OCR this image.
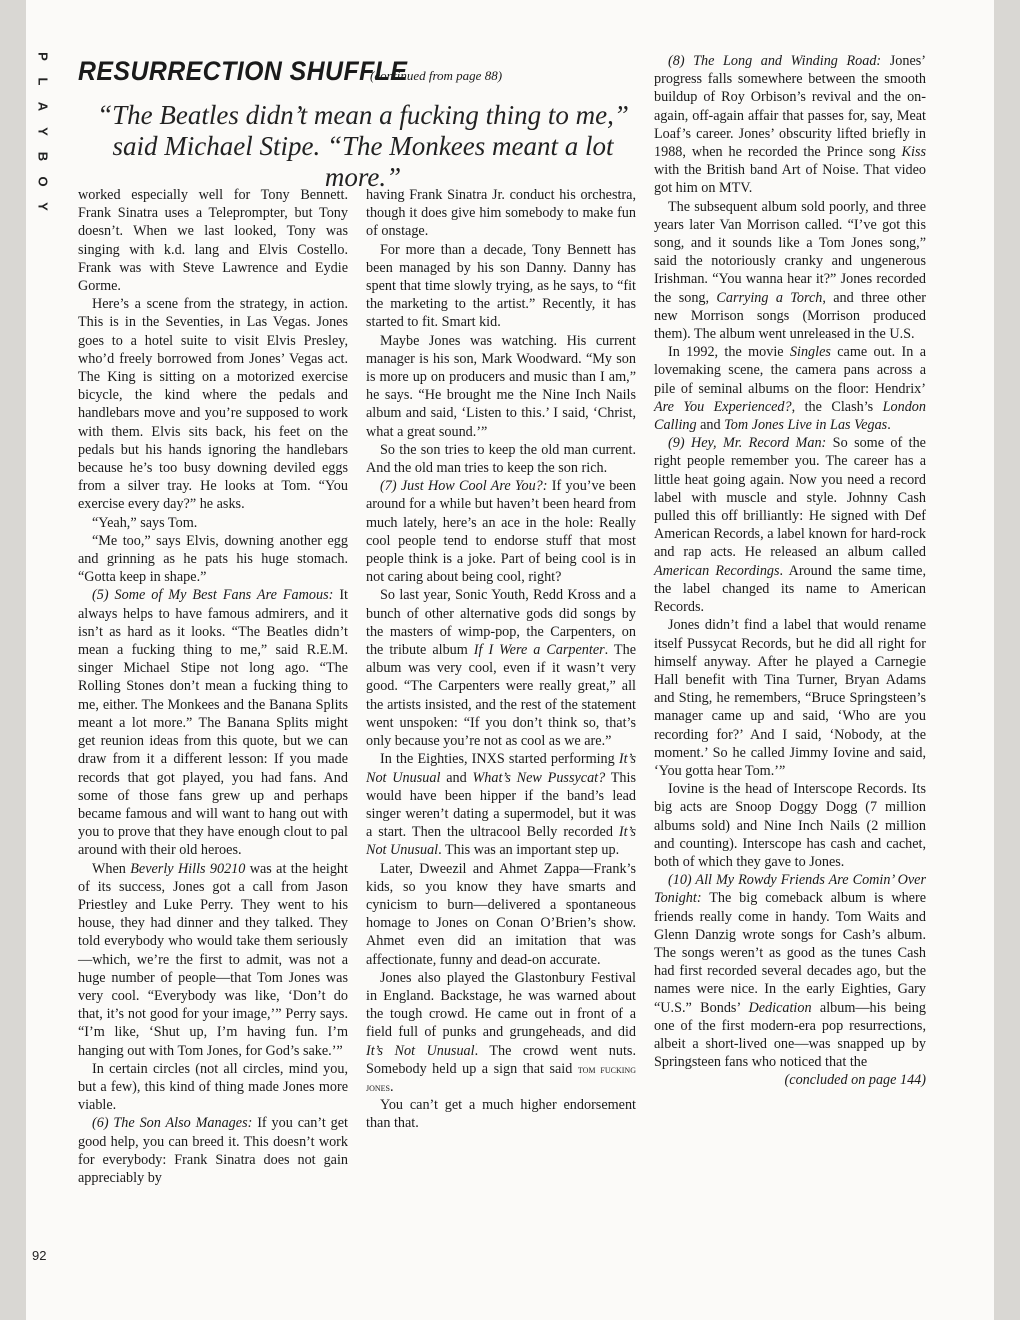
P
L
A
Y
B
O
Y
RESURRECTION SHUFFLE
(continued from page 88)
“The Beatles didn’t mean a fucking thing to me,” said Michael Stipe. “The Monkees meant a lot more.”

worked especially well for Tony Bennett. Frank Sinatra uses a Teleprompter, but Tony doesn’t. When we last looked, Tony was singing with k.d. lang and Elvis Costello. Frank was with Steve Lawrence and Eydie Gorme.

Here’s a scene from the strategy, in action. This is in the Seventies, in Las Vegas. Jones goes to a hotel suite to visit Elvis Presley, who’d freely borrowed from Jones’ Vegas act. The King is sitting on a motorized exercise bicycle, the kind where the pedals and handlebars move and you’re supposed to work with them. Elvis sits back, his feet on the pedals but his hands ignoring the handlebars because he’s too busy downing deviled eggs from a silver tray. He looks at Tom. “You exercise every day?” he asks.

“Yeah,” says Tom.

“Me too,” says Elvis, downing another egg and grinning as he pats his huge stomach. “Gotta keep in shape.”

(5) Some of My Best Fans Are Famous: It always helps to have famous admirers, and it isn’t as hard as it looks. “The Beatles didn’t mean a fucking thing to me,” said R.E.M. singer Michael Stipe not long ago. “The Rolling Stones don’t mean a fucking thing to me, either. The Monkees and the Banana Splits meant a lot more.” The Banana Splits might get reunion ideas from this quote, but we can draw from it a different lesson: If you made records that got played, you had fans. And some of those fans grew up and perhaps became famous and will want to hang out with you to prove that they have enough clout to pal around with their old heroes.

When Beverly Hills 90210 was at the height of its success, Jones got a call from Jason Priestley and Luke Perry. They went to his house, they had dinner and they talked. They told everybody who would take them seriously—which, we’re the first to admit, was not a huge number of people—that Tom Jones was very cool. “Everybody was like, ‘Don’t do that, it’s not good for your image,’” Perry says. “I’m like, ‘Shut up, I’m having fun. I’m hanging out with Tom Jones, for God’s sake.’”

In certain circles (not all circles, mind you, but a few), this kind of thing made Jones more viable.

(6) The Son Also Manages: If you can’t get good help, you can breed it. This doesn’t work for everybody: Frank Sinatra does not gain appreciably by

having Frank Sinatra Jr. conduct his orchestra, though it does give him somebody to make fun of onstage.

For more than a decade, Tony Bennett has been managed by his son Danny. Danny has spent that time slowly trying, as he says, to “fit the marketing to the artist.” Recently, it has started to fit. Smart kid.

Maybe Jones was watching. His current manager is his son, Mark Woodward. “My son is more up on producers and music than I am,” he says. “He brought me the Nine Inch Nails album and said, ‘Listen to this.’ I said, ‘Christ, what a great sound.’”

So the son tries to keep the old man current. And the old man tries to keep the son rich.

(7) Just How Cool Are You?: If you’ve been around for a while but haven’t been heard from much lately, here’s an ace in the hole: Really cool people tend to endorse stuff that most people think is a joke. Part of being cool is in not caring about being cool, right?

So last year, Sonic Youth, Redd Kross and a bunch of other alternative gods did songs by the masters of wimp-pop, the Carpenters, on the tribute album If I Were a Carpenter. The album was very cool, even if it wasn’t very good. “The Carpenters were really great,” all the artists insisted, and the rest of the statement went unspoken: “If you don’t think so, that’s only because you’re not as cool as we are.”

In the Eighties, INXS started performing It’s Not Unusual and What’s New Pussycat? This would have been hipper if the band’s lead singer weren’t dating a supermodel, but it was a start. Then the ultracool Belly recorded It’s Not Unusual. This was an important step up.

Later, Dweezil and Ahmet Zappa—Frank’s kids, so you know they have smarts and cynicism to burn—delivered a spontaneous homage to Jones on Conan O’Brien’s show. Ahmet even did an imitation that was affectionate, funny and dead-on accurate.

Jones also played the Glastonbury Festival in England. Backstage, he was warned about the tough crowd. He came out in front of a field full of punks and grungeheads, and did It’s Not Unusual. The crowd went nuts. Somebody held up a sign that said tom fucking jones.

You can’t get a much higher endorsement than that.

(8) The Long and Winding Road: Jones’ progress falls somewhere between the smooth buildup of Roy Orbison’s revival and the on-again, off-again affair that passes for, say, Meat Loaf’s career. Jones’ obscurity lifted briefly in 1988, when he recorded the Prince song Kiss with the British band Art of Noise. That video got him on MTV.

The subsequent album sold poorly, and three years later Van Morrison called. “I’ve got this song, and it sounds like a Tom Jones song,” said the notoriously cranky and ungenerous Irishman. “You wanna hear it?” Jones recorded the song, Carrying a Torch, and three other new Morrison songs (Morrison produced them). The album went unreleased in the U.S.

In 1992, the movie Singles came out. In a lovemaking scene, the camera pans across a pile of seminal albums on the floor: Hendrix’ Are You Experienced?, the Clash’s London Calling and Tom Jones Live in Las Vegas.

(9) Hey, Mr. Record Man: So some of the right people remember you. The career has a little heat going again. Now you need a record label with muscle and style. Johnny Cash pulled this off brilliantly: He signed with Def American Records, a label known for hard-rock and rap acts. He released an album called American Recordings. Around the same time, the label changed its name to American Records.

Jones didn’t find a label that would rename itself Pussycat Records, but he did all right for himself anyway. After he played a Carnegie Hall benefit with Tina Turner, Bryan Adams and Sting, he remembers, “Bruce Springsteen’s manager came up and said, ‘Who are you recording for?’ And I said, ‘Nobody, at the moment.’ So he called Jimmy Iovine and said, ‘You gotta hear Tom.’”

Iovine is the head of Interscope Records. Its big acts are Snoop Doggy Dogg (7 million albums sold) and Nine Inch Nails (2 million and counting). Interscope has cash and cachet, both of which they gave to Jones.

(10) All My Rowdy Friends Are Comin’ Over Tonight: The big comeback album is where friends really come in handy. Tom Waits and Glenn Danzig wrote songs for Cash’s album. The songs weren’t as good as the tunes Cash had first recorded several decades ago, but the names were nice. In the early Eighties, Gary “U.S.” Bonds’ Dedication album—his being one of the first modern-era pop resurrections, albeit a short-lived one—was snapped up by Springsteen fans who noticed that the

(concluded on page 144)

92
